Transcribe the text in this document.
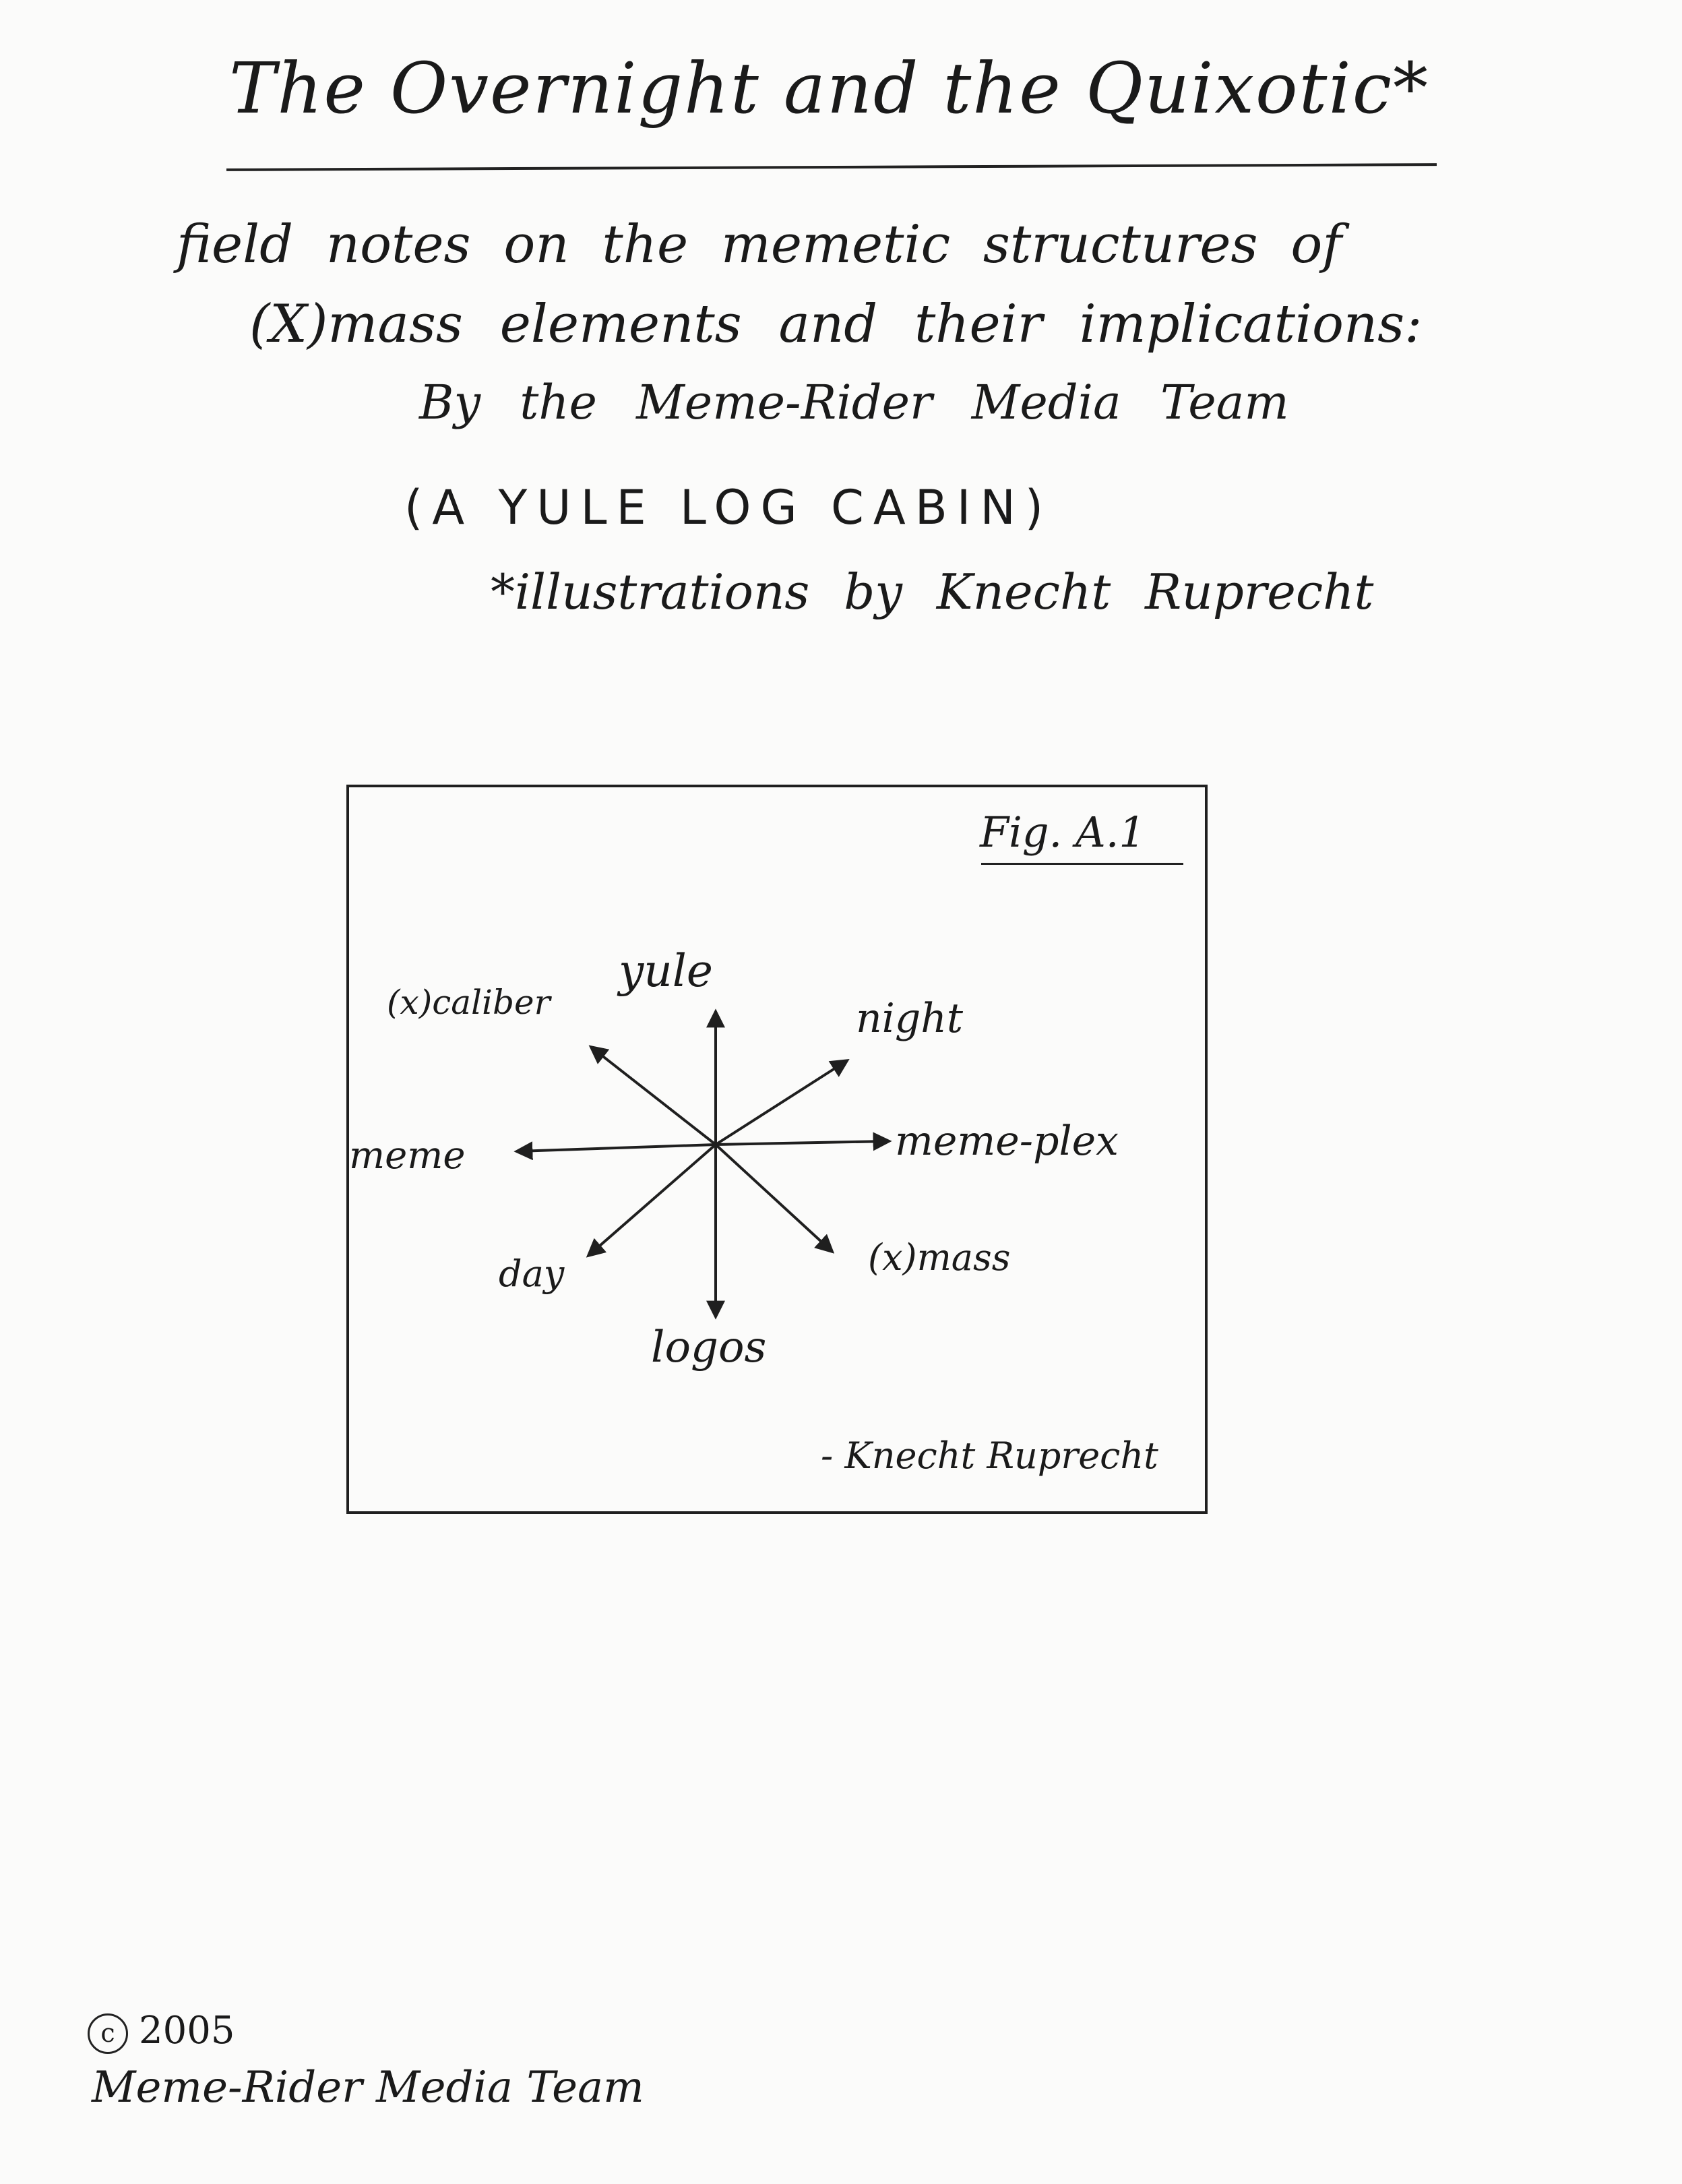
The Overnight and the Quixotic*
field notes on the memetic structures of
(X)mass elements and their implications:
By the Meme-Rider Media Team
(A YULE LOG CABIN)
*illustrations by Knecht Ruprecht
Fig. A.1
yule
(x)caliber	night
meme-plex
meme
day
logos
(x)mass
- Knecht Ruprecht
c 2005
Meme-Rider Media Team
